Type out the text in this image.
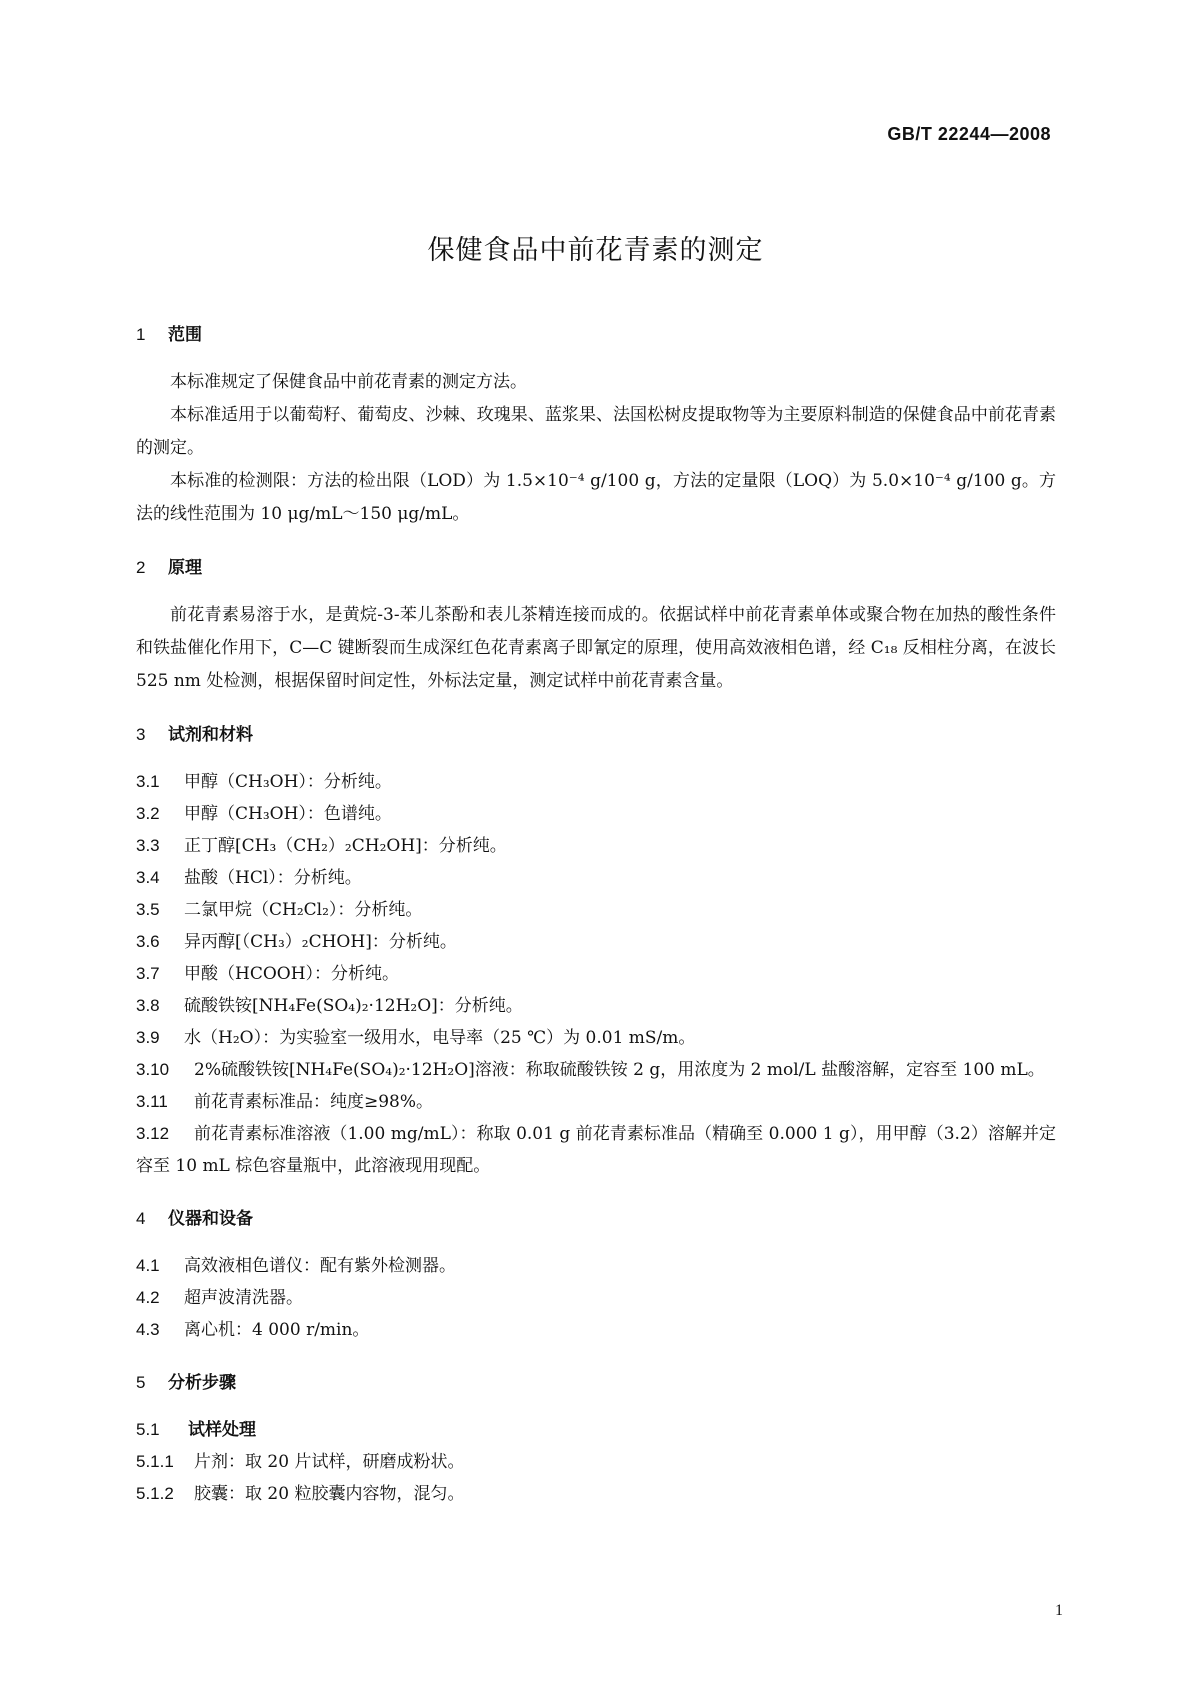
GB/T 22244—2008
保健食品中前花青素的测定
1 范围

本标准规定了保健食品中前花青素的测定方法。

本标准适用于以葡萄籽、葡萄皮、沙棘、玫瑰果、蓝浆果、法国松树皮提取物等为主要原料制造的保健食品中前花青素的测定。

本标准的检测限：方法的检出限（LOD）为 1.5×10⁻⁴ g/100 g，方法的定量限（LOQ）为 5.0×10⁻⁴ g/100 g。方法的线性范围为 10 μg/mL～150 μg/mL。

2 原理

前花青素易溶于水，是黄烷-3-苯儿茶酚和表儿茶精连接而成的。依据试样中前花青素单体或聚合物在加热的酸性条件和铁盐催化作用下，C—C 键断裂而生成深红色花青素离子即氰定的原理，使用高效液相色谱，经 C₁₈ 反相柱分离，在波长 525 nm 处检测，根据保留时间定性，外标法定量，测定试样中前花青素含量。

3 试剂和材料

3.1 甲醇（CH₃OH）：分析纯。

3.2 甲醇（CH₃OH）：色谱纯。

3.3 正丁醇[CH₃（CH₂）₂CH₂OH]：分析纯。

3.4 盐酸（HCl）：分析纯。

3.5 二氯甲烷（CH₂Cl₂）：分析纯。

3.6 异丙醇[（CH₃）₂CHOH]：分析纯。

3.7 甲酸（HCOOH）：分析纯。

3.8 硫酸铁铵[NH₄Fe(SO₄)₂·12H₂O]：分析纯。

3.9 水（H₂O）：为实验室一级用水，电导率（25 ℃）为 0.01 mS/m。

3.10 2%硫酸铁铵[NH₄Fe(SO₄)₂·12H₂O]溶液：称取硫酸铁铵 2 g，用浓度为 2 mol/L 盐酸溶解，定容至 100 mL。

3.11 前花青素标准品：纯度≥98%。

3.12 前花青素标准溶液（1.00 mg/mL）：称取 0.01 g 前花青素标准品（精确至 0.000 1 g），用甲醇（3.2）溶解并定容至 10 mL 棕色容量瓶中，此溶液现用现配。

4 仪器和设备

4.1 高效液相色谱仪：配有紫外检测器。

4.2 超声波清洗器。

4.3 离心机：4 000 r/min。

5 分析步骤
5.1 试样处理

5.1.1 片剂：取 20 片试样，研磨成粉状。

5.1.2 胶囊：取 20 粒胶囊内容物，混匀。

1
